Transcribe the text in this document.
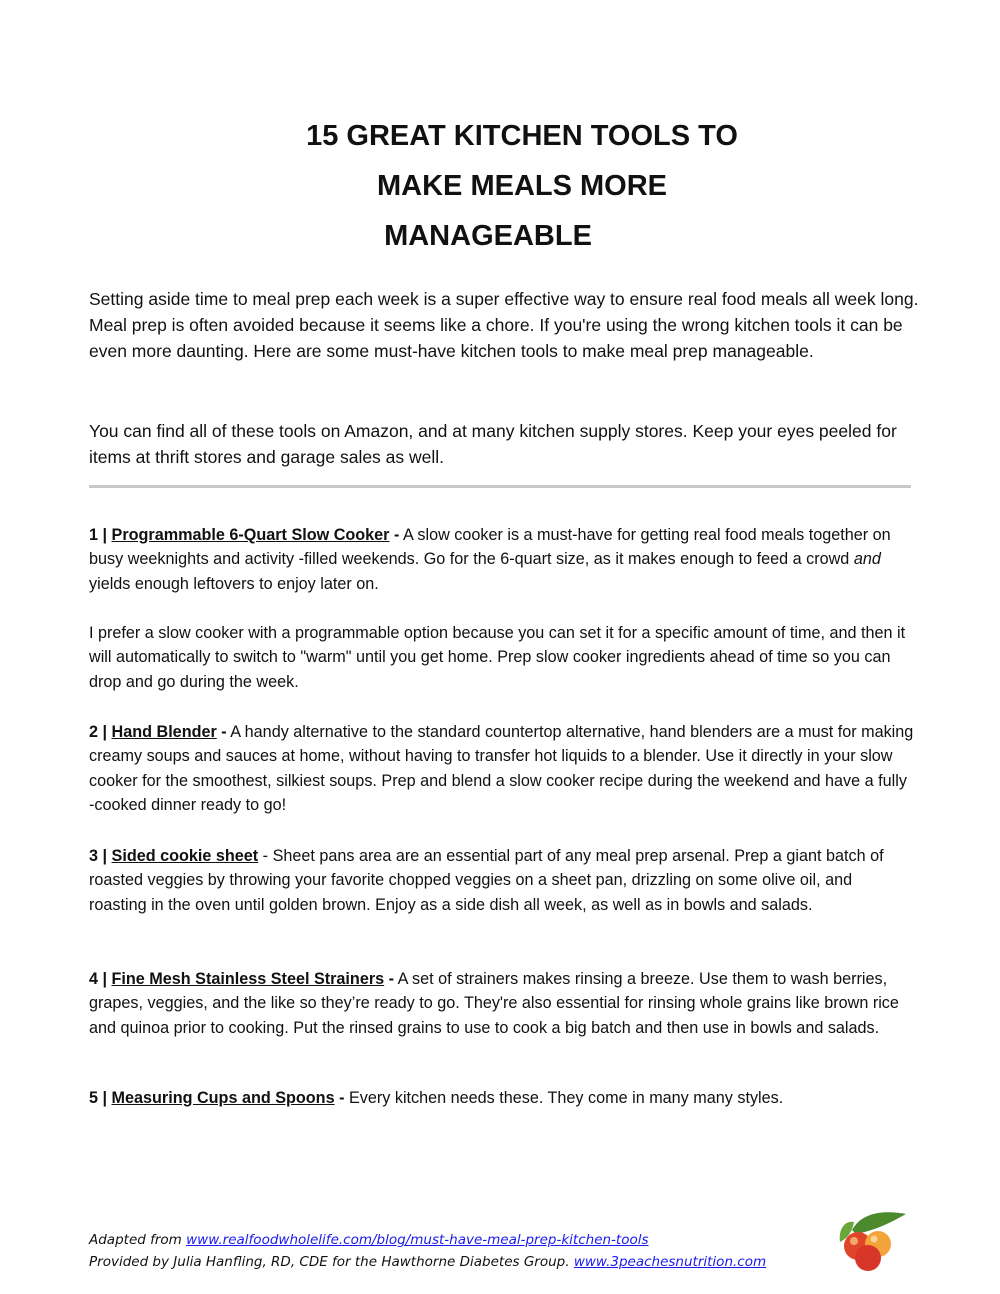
15 GREAT KITCHEN TOOLS TO
MAKE MEALS MORE
MANAGEABLE

Setting aside time to meal prep each week is a super effective way to ensure real food meals all week long. Meal prep is often avoided because it seems like a chore. If you're using the wrong kitchen tools it can be even more daunting. Here are some must-have kitchen tools to make meal prep manageable.

You can find all of these tools on Amazon, and at many kitchen supply stores. Keep your eyes peeled for items at thrift stores and garage sales as well.

1 | Programmable 6-Quart Slow Cooker - A slow cooker is a must-have for getting real food meals together on busy weeknights and activity -filled weekends. Go for the 6-quart size, as it makes enough to feed a crowd and yields enough leftovers to enjoy later on.

I prefer a slow cooker with a programmable option because you can set it for a specific amount of time, and then it will automatically to switch to "warm" until you get home. Prep slow cooker ingredients ahead of time so you can drop and go during the week.

2 | Hand Blender - A handy alternative to the standard countertop alternative, hand blenders are a must for making creamy soups and sauces at home, without having to transfer hot liquids to a blender. Use it directly in your slow cooker for the smoothest, silkiest soups. Prep and blend a slow cooker recipe during the weekend and have a fully -cooked dinner ready to go!

3 | Sided cookie sheet - Sheet pans area are an essential part of any meal prep arsenal. Prep a giant batch of roasted veggies by throwing your favorite chopped veggies on a sheet pan, drizzling on some olive oil, and roasting in the oven until golden brown. Enjoy as a side dish all week, as well as in bowls and salads.

4 | Fine Mesh Stainless Steel Strainers - A set of strainers makes rinsing a breeze. Use them to wash berries, grapes, veggies, and the like so they’re ready to go. They're also essential for rinsing whole grains like brown rice and quinoa prior to cooking. Put the rinsed grains to use to cook a big batch and then use in bowls and salads.

5 | Measuring Cups and Spoons - Every kitchen needs these. They come in many many styles.

Adapted from www.realfoodwholelife.com/blog/must-have-meal-prep-kitchen-tools

Provided by Julia Hanfling, RD, CDE for the Hawthorne Diabetes Group. www.3peachesnutrition.com
